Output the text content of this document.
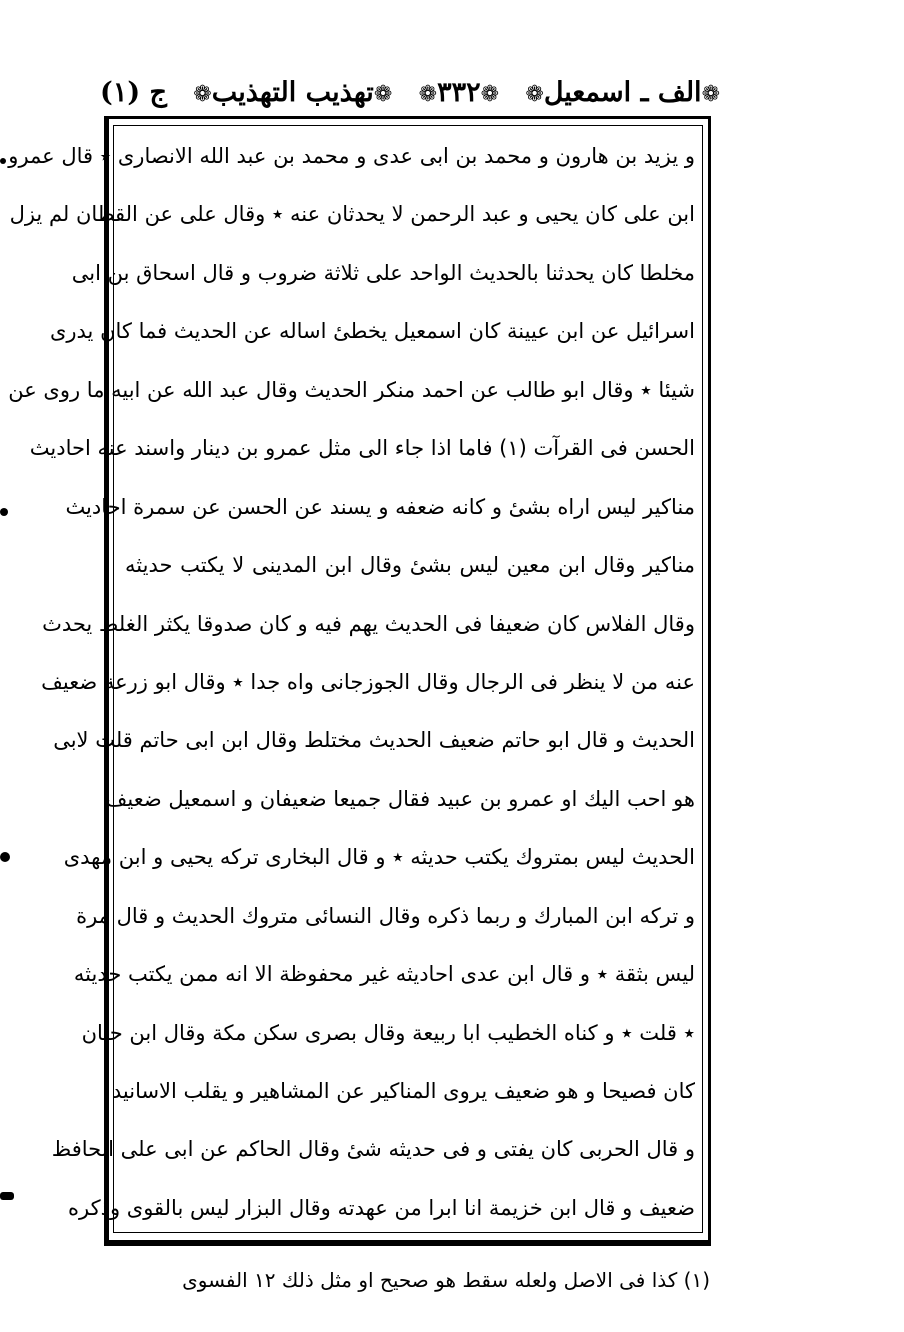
❁الف ـ اسمعیل❁
❁۳۳۲❁
❁تهذیب التهذیب❁
ج (۱)
و یزید بن هارون و محمد بن ابی عدی و محمد بن عبد الله الانصاری ٭ قال عمرو
ابن علی کان یحیی و عبد الرحمن لا یحدثان عنه ٭ وقال علی عن القطان لم یزل
مخلطا کان یحدثنا بالحدیث الواحد علی ثلاثة ضروب و قال اسحاق بن ابی
اسرائیل عن ابن عیینة کان اسمعیل یخطیٔ اساله عن الحدیث فما کان یدری
شیئا ٭ وقال ابو طالب عن احمد منکر الحدیث وقال عبد الله عن ابیه ما روی عن
الحسن فی القرآت (۱) فاما اذا جاء الی مثل عمرو بن دینار واسند عنه احادیث
مناکیر لیس اراه بشیٔ و کانه ضعفه و یسند عن الحسن عن سمرة احادیث
مناکیر وقال ابن معین لیس بشیٔ وقال ابن المدینی لا یکتب حدیثه
وقال الفلاس کان ضعیفا فی الحدیث یهم فیه و کان صدوقا یکثر الغلط یحدث
عنه من لا ینظر فی الرجال وقال الجوزجانی واه جدا ٭ وقال ابو زرعة ضعیف
الحدیث و قال ابو حاتم ضعیف الحدیث مختلط وقال ابن ابی حاتم قلت لابی
هو احب الیك او عمرو بن عبید فقال جمیعا ضعیفان و اسمعیل ضعیف
الحدیث لیس بمتروك یکتب حدیثه ٭ و قال البخاری ترکه یحیی و ابن مهدی
و ترکه ابن المبارك و ربما ذکره وقال النسائی متروك الحدیث و قال مرة
لیس بثقة ٭ و قال ابن عدی احادیثه غیر محفوظة الا انه ممن یکتب حدیثه
٭ قلت ٭ و کناه الخطیب ابا ربیعة وقال بصری سکن مکة وقال ابن حبان
کان فصیحا و هو ضعیف یروی المناکیر عن المشاهیر و یقلب الاسانید
و قال الحربی کان یفتی و فی حدیثه شیٔ وقال الحاکم عن ابی علی الحافظ
ضعیف و قال ابن خزیمة انا ابرا من عهدته وقال البزار لیس بالقوی وذکره
(۱) کذا فی الاصل ولعله سقط هو صحیح او مثل ذلك ۱۲ الفسوی
